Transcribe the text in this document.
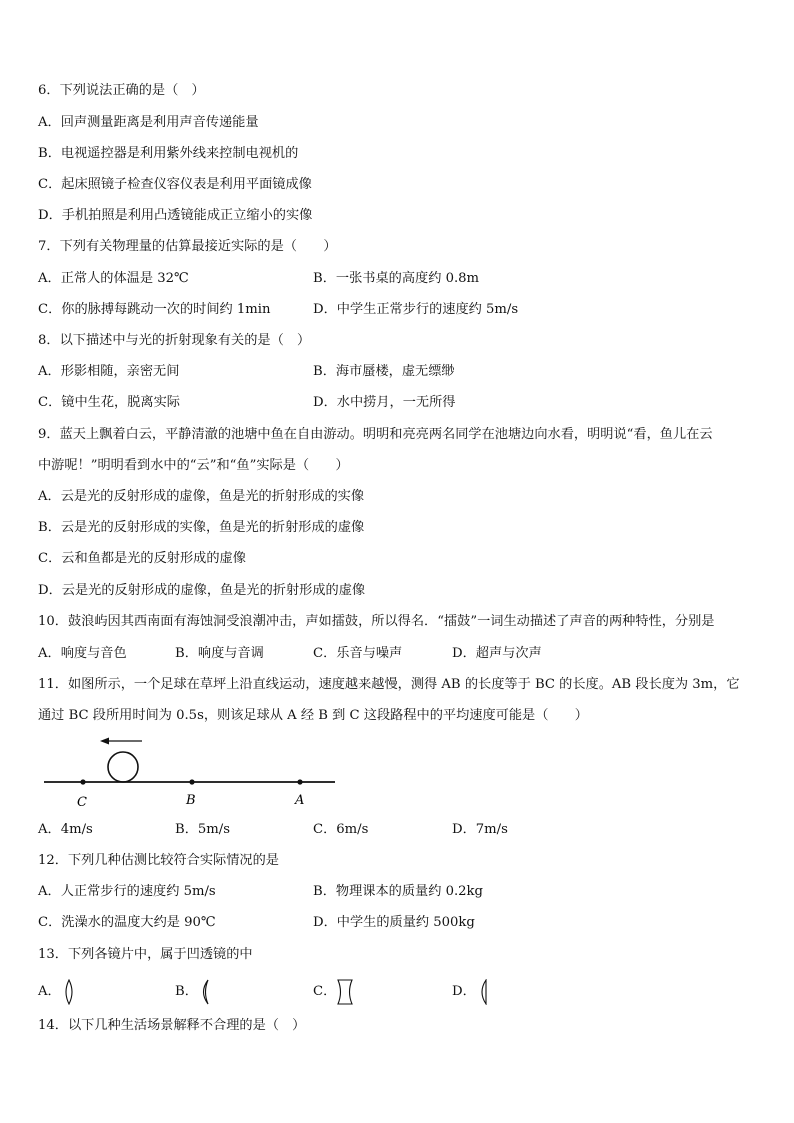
6．下列说法正确的是（　）
A．回声测量距离是利用声音传递能量
B．电视遥控器是利用紫外线来控制电视机的
C．起床照镜子检查仪容仪表是利用平面镜成像
D．手机拍照是利用凸透镜能成正立缩小的实像
7．下列有关物理量的估算最接近实际的是（　　）
A．正常人的体温是 32℃	B．一张书桌的高度约 0.8m
C．你的脉搏每跳动一次的时间约 1min	D．中学生正常步行的速度约 5m/s
8．以下描述中与光的折射现象有关的是（　）
A．形影相随，亲密无间	B．海市蜃楼，虚无缥缈
C．镜中生花，脱离实际	D．水中捞月，一无所得
9．蓝天上飘着白云，平静清澈的池塘中鱼在自由游动。明明和亮亮两名同学在池塘边向水看，明明说“看，鱼儿在云
中游呢！”明明看到水中的“云”和“鱼”实际是（　　）
A．云是光的反射形成的虚像，鱼是光的折射形成的实像
B．云是光的反射形成的实像，鱼是光的折射形成的虚像
C．云和鱼都是光的反射形成的虚像
D．云是光的反射形成的虚像，鱼是光的折射形成的虚像
10．鼓浪屿因其西南面有海蚀洞受浪潮冲击，声如擂鼓，所以得名．“擂鼓”一词生动描述了声音的两种特性，分别是
A．响度与音色	B．响度与音调	C．乐音与噪声	D．超声与次声
11．如图所示，一个足球在草坪上沿直线运动，速度越来越慢，测得 AB 的长度等于 BC 的长度。AB 段长度为 3m，它
通过 BC 段所用时间为 0.5s，则该足球从 A 经 B 到 C 这段路程中的平均速度可能是（　　）
C	B	A
A．4m/s	B．5m/s	C．6m/s	D．7m/s
12．下列几种估测比较符合实际情况的是
A．人正常步行的速度约 5m/s	B．物理课本的质量约 0.2kg
C．洗澡水的温度大约是 90℃	D．中学生的质量约 500kg
13．下列各镜片中，属于凹透镜的中
A．	B．	C．	D．
14．以下几种生活场景解释不合理的是（　）
